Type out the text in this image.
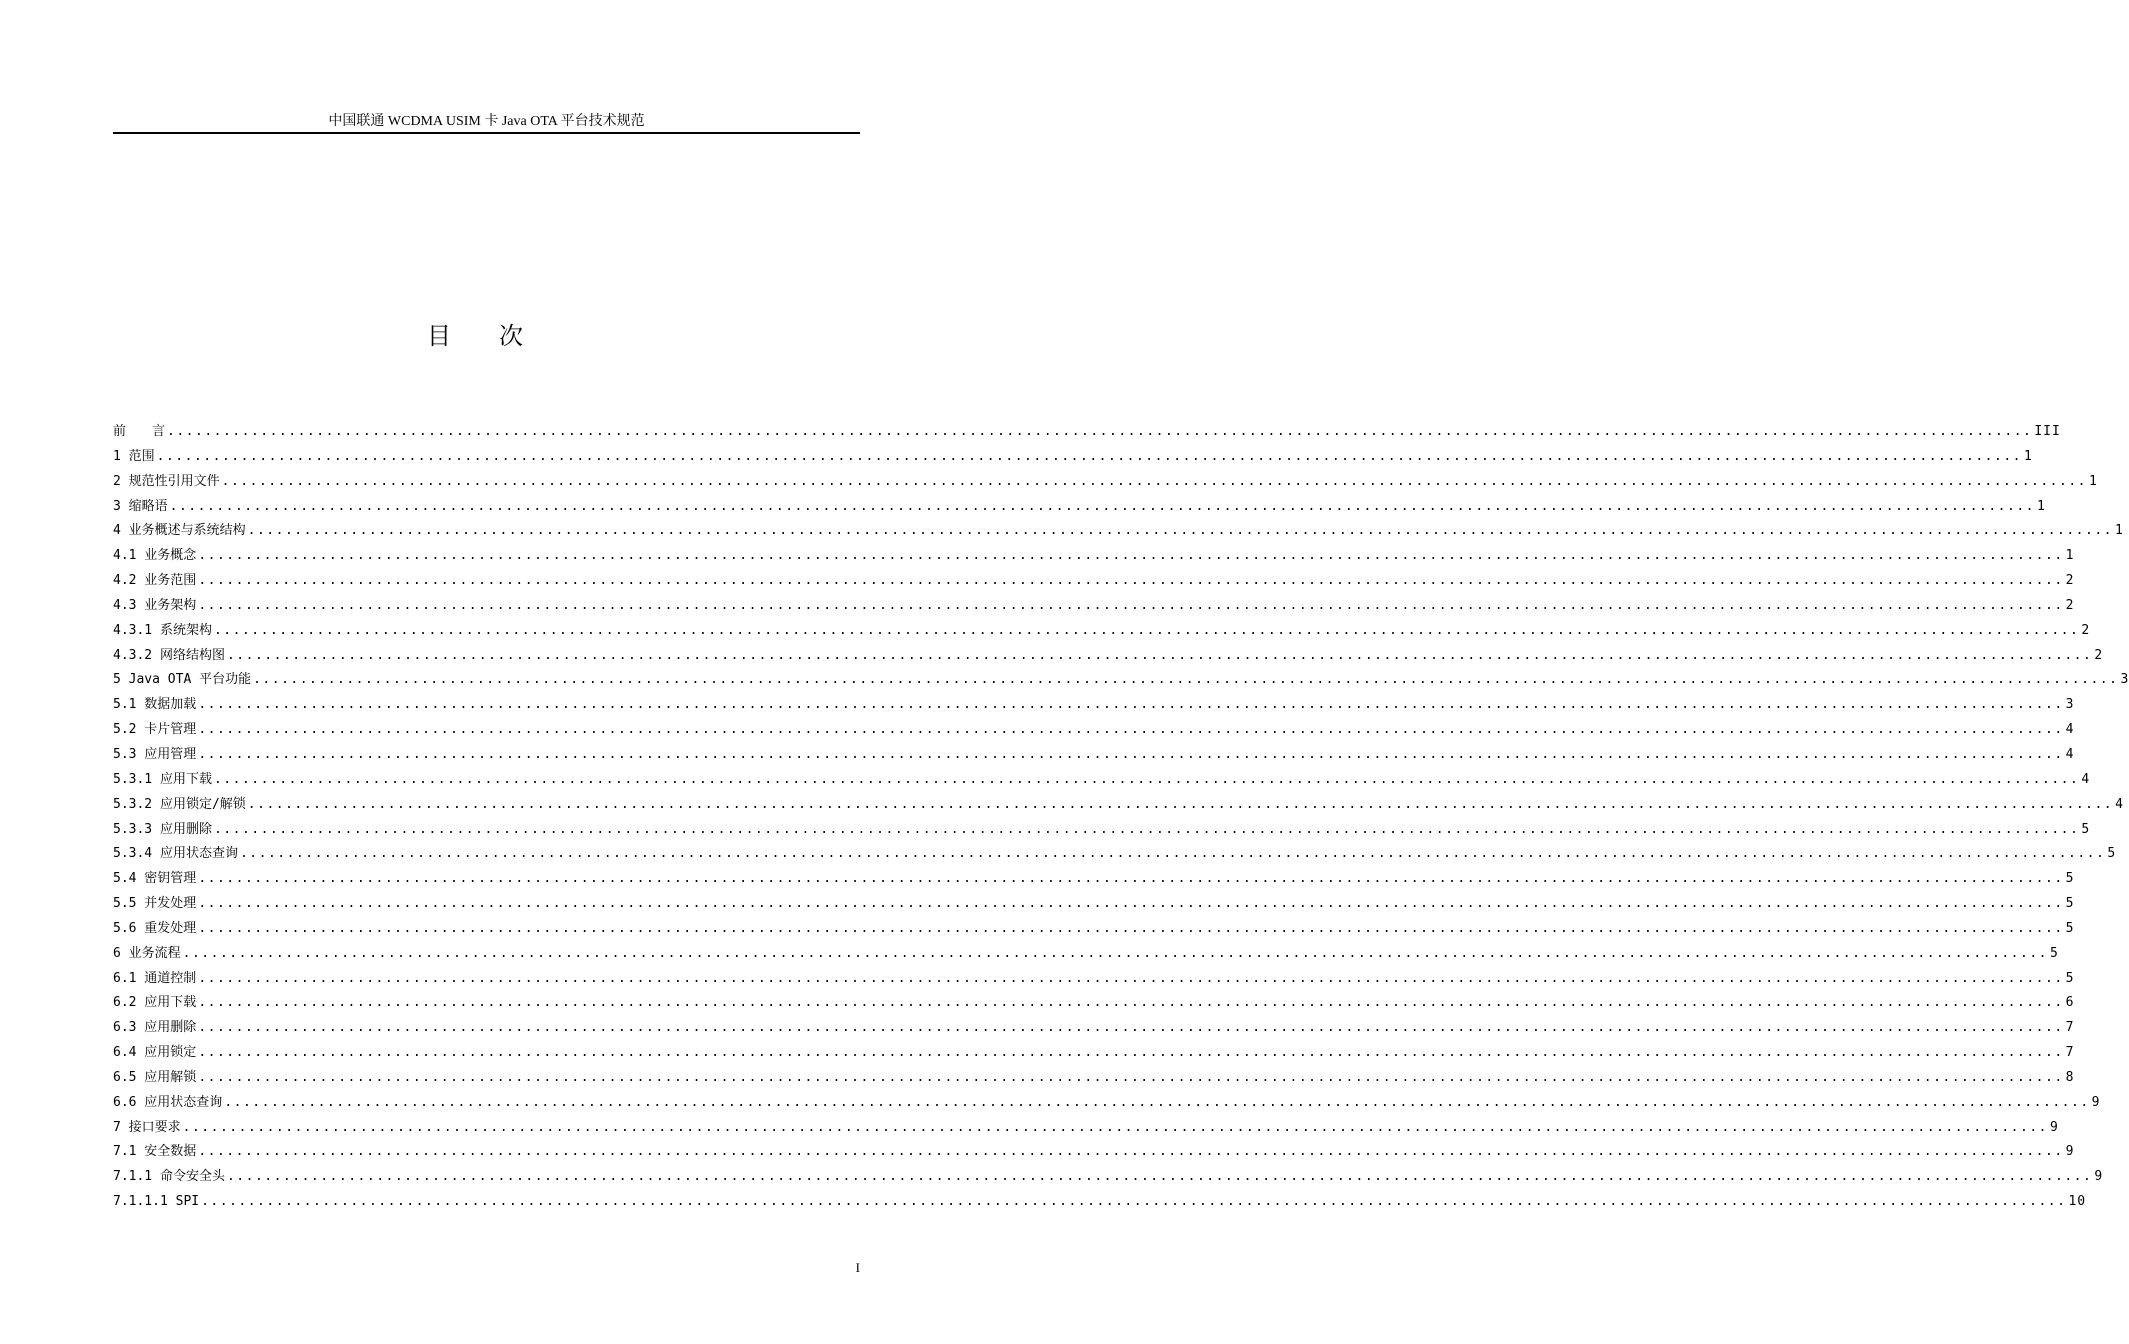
中国联通 WCDMA USIM 卡 Java OTA 平台技术规范
目次
前　　言 ........................................................................................................................................................................................................ III
1 范围 ........................................................................................................................................................................................................ 1
2 规范性引用文件 ........................................................................................................................................................................................................ 1
3 缩略语 ........................................................................................................................................................................................................ 1
4 业务概述与系统结构 ........................................................................................................................................................................................................ 1
4.1 业务概念 ........................................................................................................................................................................................................ 1
4.2 业务范围 ........................................................................................................................................................................................................ 2
4.3 业务架构 ........................................................................................................................................................................................................ 2
4.3.1 系统架构 ........................................................................................................................................................................................................ 2
4.3.2 网络结构图 ........................................................................................................................................................................................................ 2
5 Java OTA 平台功能 ........................................................................................................................................................................................................ 3
5.1 数据加载 ........................................................................................................................................................................................................ 3
5.2 卡片管理 ........................................................................................................................................................................................................ 4
5.3 应用管理 ........................................................................................................................................................................................................ 4
5.3.1 应用下载 ........................................................................................................................................................................................................ 4
5.3.2 应用锁定/解锁 ........................................................................................................................................................................................................ 4
5.3.3 应用删除 ........................................................................................................................................................................................................ 5
5.3.4 应用状态查询 ........................................................................................................................................................................................................ 5
5.4 密钥管理 ........................................................................................................................................................................................................ 5
5.5 并发处理 ........................................................................................................................................................................................................ 5
5.6 重发处理 ........................................................................................................................................................................................................ 5
6 业务流程 ........................................................................................................................................................................................................ 5
6.1 通道控制 ........................................................................................................................................................................................................ 5
6.2 应用下载 ........................................................................................................................................................................................................ 6
6.3 应用删除 ........................................................................................................................................................................................................ 7
6.4 应用锁定 ........................................................................................................................................................................................................ 7
6.5 应用解锁 ........................................................................................................................................................................................................ 8
6.6 应用状态查询 ........................................................................................................................................................................................................ 9
7 接口要求 ........................................................................................................................................................................................................ 9
7.1 安全数据 ........................................................................................................................................................................................................ 9
7.1.1 命令安全头 ........................................................................................................................................................................................................ 9
7.1.1.1 SPI ........................................................................................................................................................................................................ 10
I
